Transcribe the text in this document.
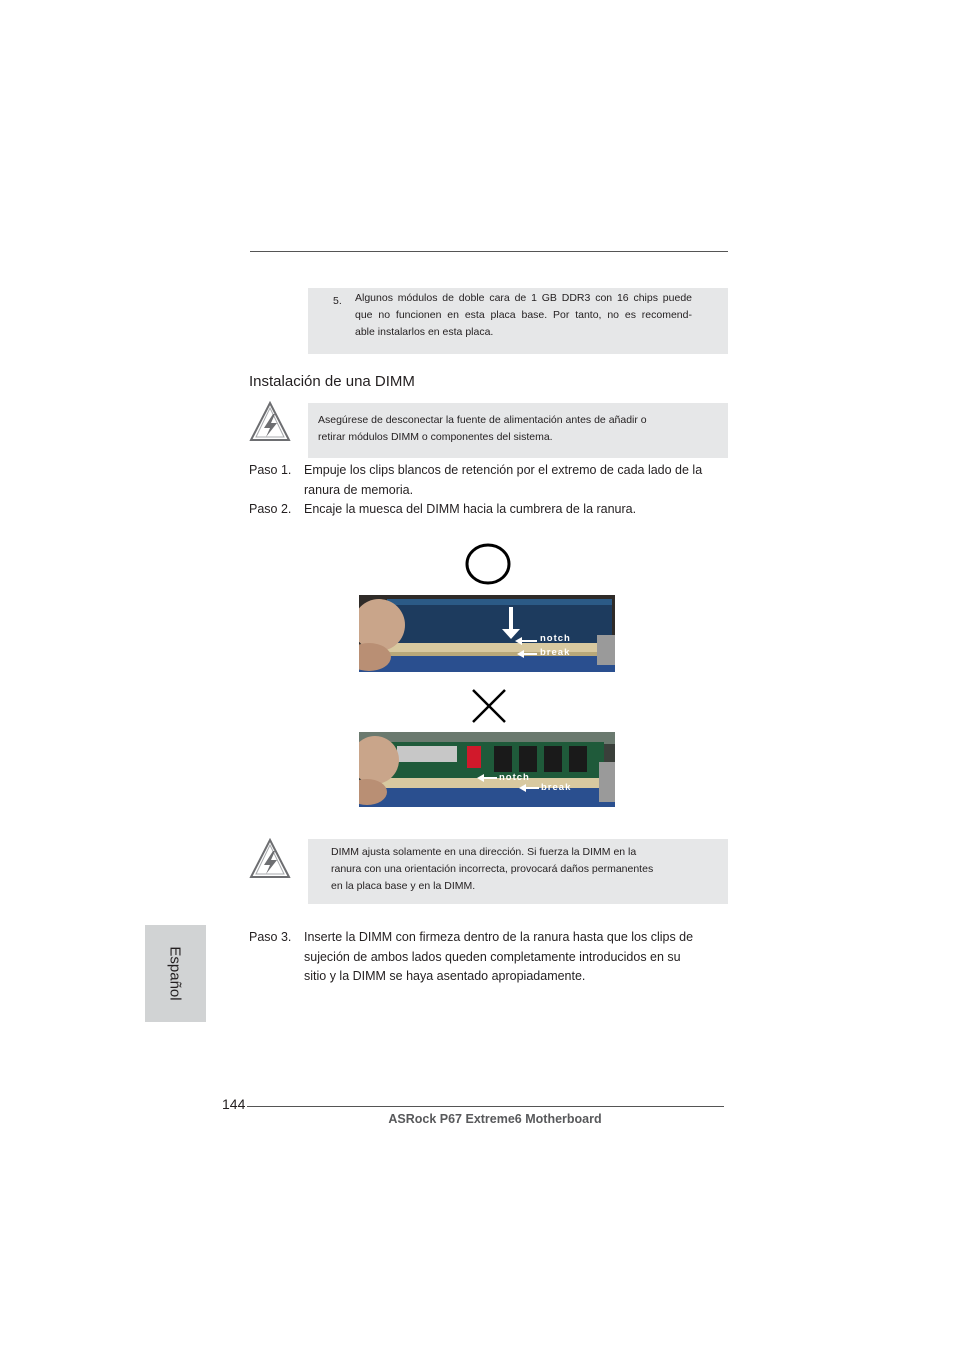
5. Algunos módulos de doble cara de 1 GB DDR3 con 16 chips puede

que no funcionen en esta placa base. Por tanto, no es recomend-

able instalarlos en esta placa.

Instalación de una DIMM

Asegúrese de desconectar la fuente de alimentación antes de añadir o

retirar módulos DIMM o componentes del sistema.

Paso 1. Empuje los clips blancos de retención por el extremo de cada lado de la

ranura de memoria.

Paso 2. Encaje la muesca del DIMM hacia la cumbrera de la ranura.

notch
break
notch
break

DIMM ajusta solamente en una dirección. Si fuerza la DIMM en la

ranura con una orientación incorrecta, provocará daños permanentes

en la placa base y en la DIMM.

Paso 3. Inserte la DIMM con firmeza dentro de la ranura hasta que los clips de

sujeción de ambos lados queden completamente introducidos en su

sitio y la DIMM se haya asentado apropiadamente.

Español
144
ASRock P67 Extreme6 Motherboard
